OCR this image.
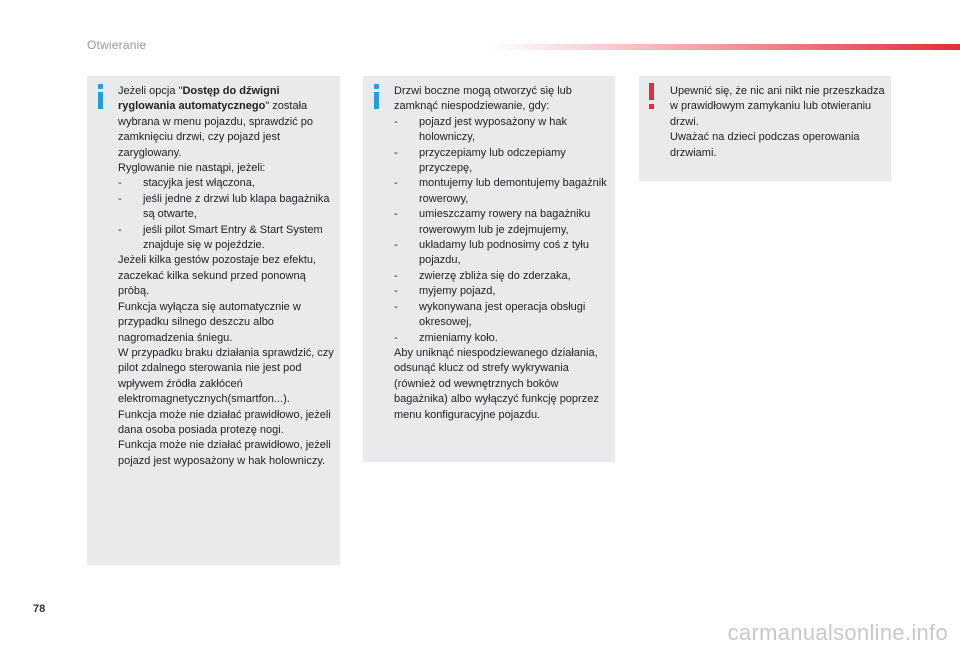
Otwieranie

Jeżeli opcja "Dostęp do dźwigni ryglowania automatycznego" została wybrana w menu pojazdu, sprawdzić po zamknięciu drzwi, czy pojazd jest zaryglowany.

Ryglowanie nie nastąpi, jeżeli:

- stacyjka jest włączona,
- jeśli jedne z drzwi lub klapa bagażnika są otwarte,
- jeśli pilot Smart Entry & Start System znajduje się w pojeździe.

Jeżeli kilka gestów pozostaje bez efektu, zaczekać kilka sekund przed ponowną próbą.

Funkcja wyłącza się automatycznie w przypadku silnego deszczu albo nagromadzenia śniegu.

W przypadku braku działania sprawdzić, czy pilot zdalnego sterowania nie jest pod wpływem źródła zakłóceń elektromagnetycznych(smartfon...).

Funkcja może nie działać prawidłowo, jeżeli dana osoba posiada protezę nogi.

Funkcja może nie działać prawidłowo, jeżeli pojazd jest wyposażony w hak holowniczy.

Drzwi boczne mogą otworzyć się lub zamknąć niespodziewanie, gdy:

- pojazd jest wyposażony w hak holowniczy,
- przyczepiamy lub odczepiamy przyczepę,
- montujemy lub demontujemy bagażnik rowerowy,
- umieszczamy rowery na bagażniku rowerowym lub je zdejmujemy,
- układamy lub podnosimy coś z tyłu pojazdu,
- zwierzę zbliża się do zderzaka,
- myjemy pojazd,
- wykonywana jest operacja obsługi okresowej,
- zmieniamy koło.

Aby uniknąć niespodziewanego działania, odsunąć klucz od strefy wykrywania (również od wewnętrznych boków bagażnika) albo wyłączyć funkcję poprzez menu konfiguracyjne pojazdu.

Upewnić się, że nic ani nikt nie przeszkadza w prawidłowym zamykaniu lub otwieraniu drzwi.

Uważać na dzieci podczas operowania drzwiami.

78
carmanualsonline.info
